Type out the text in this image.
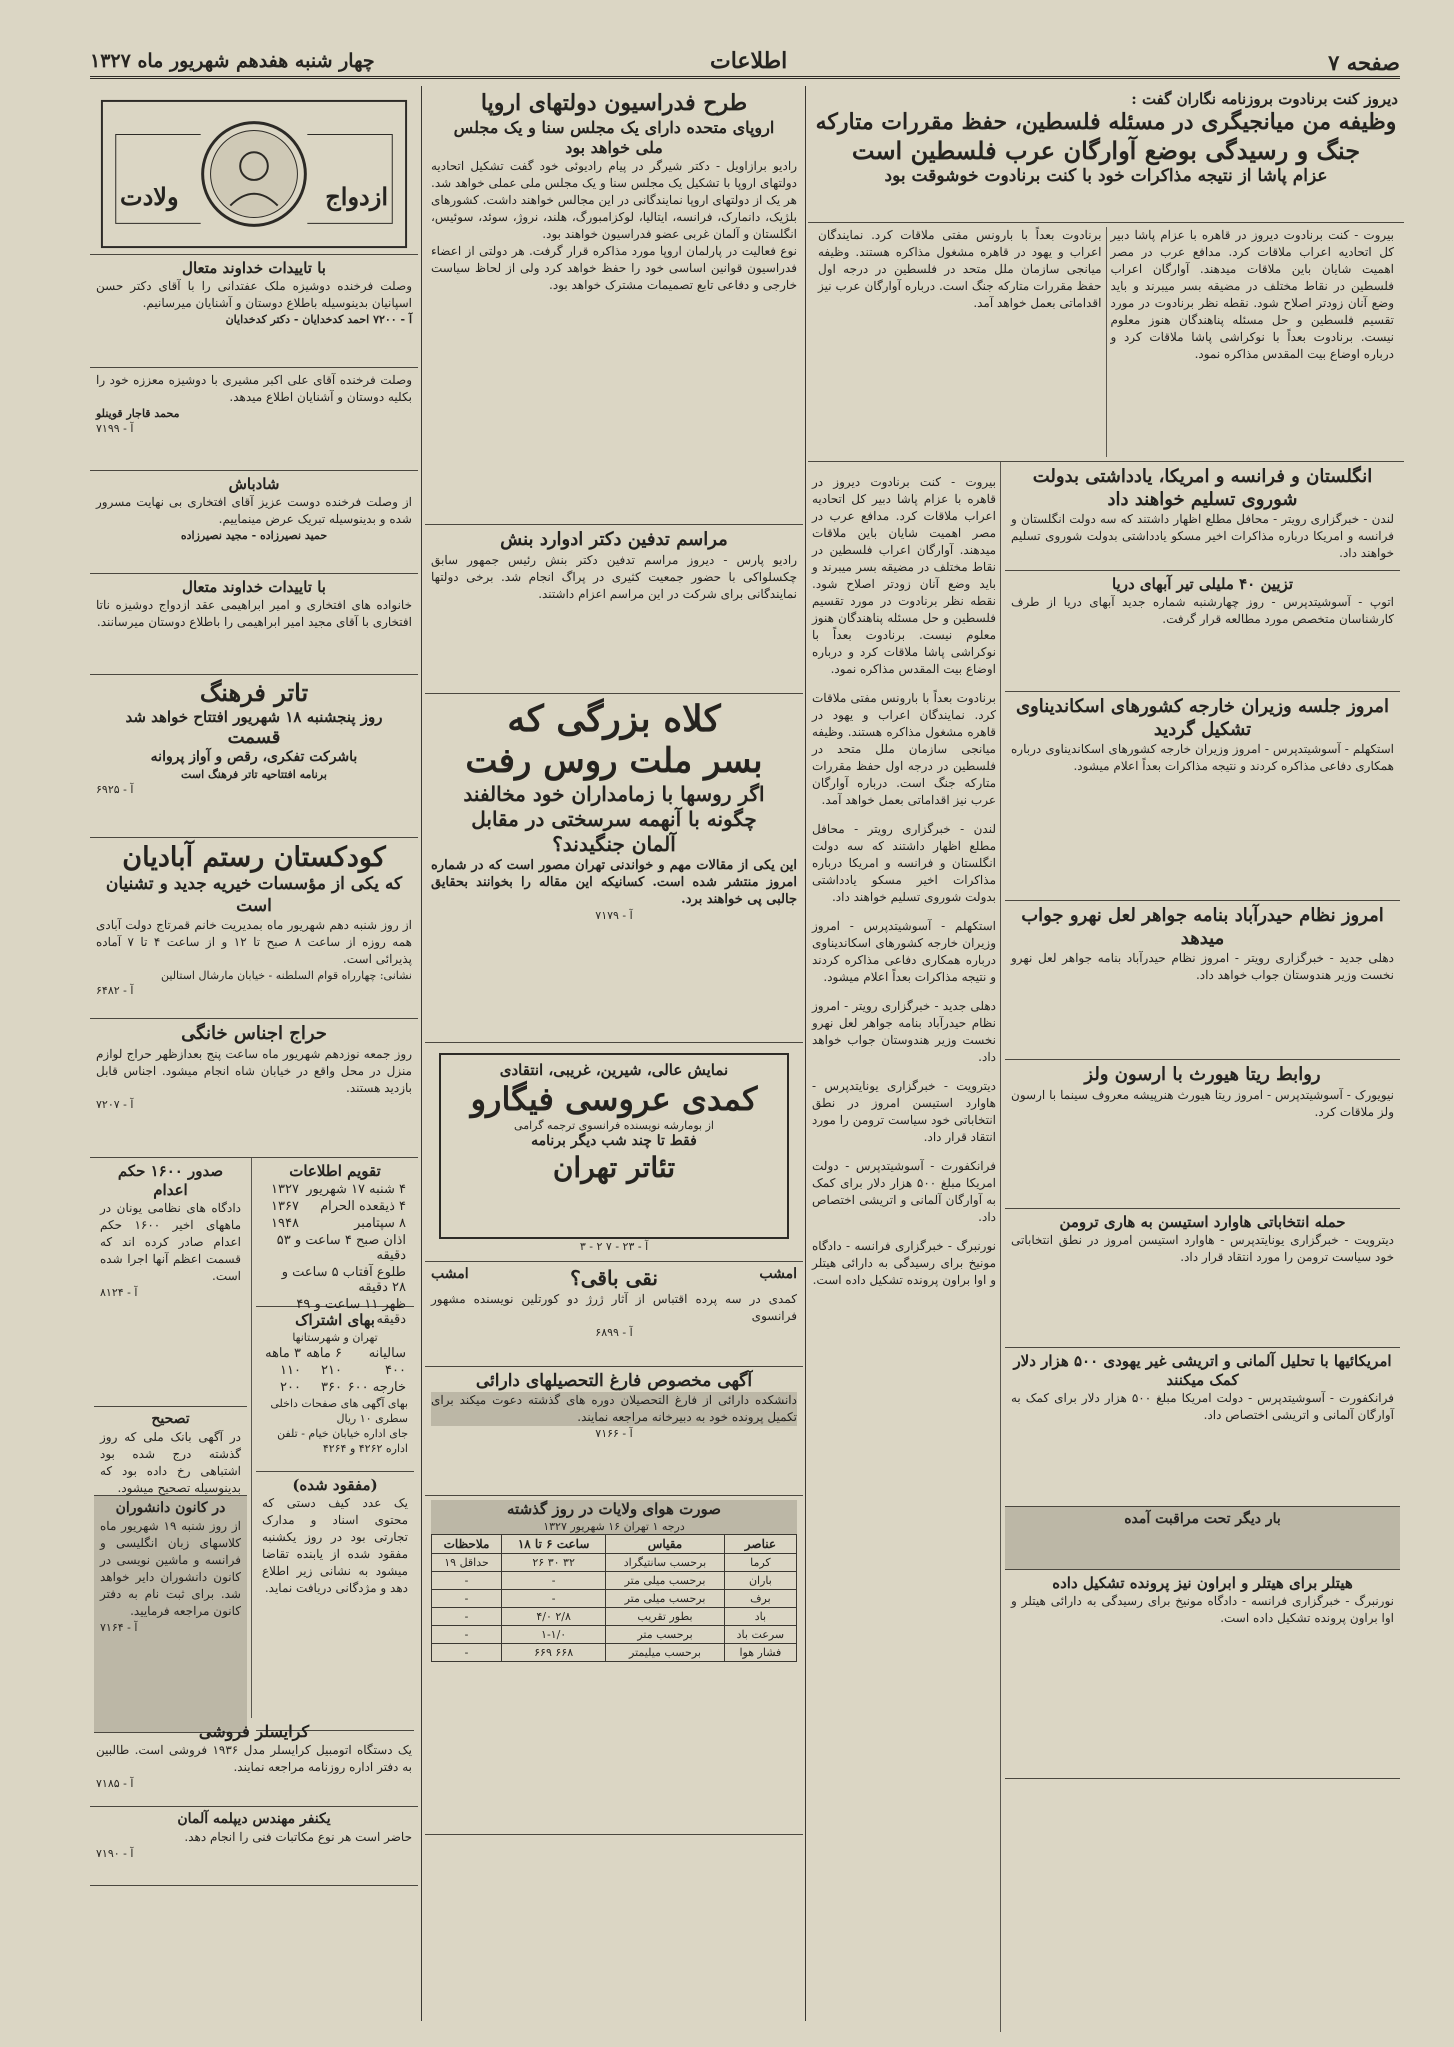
صفحه ۷
اطلاعات
چهار شنبه هفدهم شهریور ماه ۱۳۲۷

دیروز کنت برنادوت بروزنامه نگاران گفت :

وظیفه من میانجیگری در مسئله فلسطین، حفظ مقررات متارکه

جنگ و رسیدگی بوضع آوارگان عرب فلسطین است

عزام پاشا از نتیجه مذاکرات خود با کنت برنادوت خوشوقت بود

بیروت - کنت برنادوت دیروز در قاهره با عزام پاشا دبیر کل اتحادیه اعراب ملاقات کرد. مدافع عرب در مصر اهمیت شایان باین ملاقات میدهند. آوارگان اعراب فلسطین در نقاط مختلف در مضیقه بسر میبرند و باید وضع آنان زودتر اصلاح شود. نقطه نظر برنادوت در مورد تقسیم فلسطین و حل مسئله پناهندگان هنوز معلوم نیست. برنادوت بعداً با نوکراشی پاشا ملاقات کرد و درباره اوضاع بیت المقدس مذاکره نمود.
برنادوت بعداً با بارونس مفتی ملاقات کرد. نمایندگان اعراب و یهود در قاهره مشغول مذاکره هستند. وظیفه میانجی سازمان ملل متحد در فلسطین در درجه اول حفظ مقررات متارکه جنگ است. درباره آوارگان عرب نیز اقداماتی بعمل خواهد آمد.

انگلستان و فرانسه و امریکا، یادداشتی بدولت شوروی تسلیم خواهند داد

لندن - خبرگزاری رویتر - محافل مطلع اظهار داشتند که سه دولت انگلستان و فرانسه و امریکا درباره مذاکرات اخیر مسکو یادداشتی بدولت شوروی تسلیم خواهند داد.

تزیین ۴۰ ملیلی تیر آبهای دریا

اتوپ - آسوشیتدپرس - روز چهارشنبه شماره جدید آبهای دریا از طرف کارشناسان متخصص مورد مطالعه قرار گرفت.

امروز جلسه وزیران خارجه کشورهای اسکاندیناوی تشکیل گردید

استکهلم - آسوشیتدپرس - امروز وزیران خارجه کشورهای اسکاندیناوی درباره همکاری دفاعی مذاکره کردند و نتیجه مذاکرات بعداً اعلام میشود.

امروز نظام حیدرآباد بنامه جواهر لعل نهرو جواب میدهد

دهلی جدید - خبرگزاری رویتر - امروز نظام حیدرآباد بنامه جواهر لعل نهرو نخست وزیر هندوستان جواب خواهد داد.

روابط ریتا هیورث با ارسون ولز

نیویورک - آسوشیتدپرس - امروز ریتا هیورث هنرپیشه معروف سینما با ارسون ولز ملاقات کرد.

حمله انتخاباتی هاوارد استیسن به هاری ترومن

دیترویت - خبرگزاری یونایتدپرس - هاوارد استیسن امروز در نطق انتخاباتی خود سیاست ترومن را مورد انتقاد قرار داد.

امریکائیها با تحلیل آلمانی و اتریشی غیر یهودی ۵۰۰ هزار دلار کمک میکنند

فرانکفورت - آسوشیتدپرس - دولت امریکا مبلغ ۵۰۰ هزار دلار برای کمک به آوارگان آلمانی و اتریشی اختصاص داد.

بار دیگر تحت مراقبت آمده

هیتلر برای هیتلر و ابراون نیز پرونده تشکیل داده

نورنبرگ - خبرگزاری فرانسه - دادگاه مونیخ برای رسیدگی به دارائی هیتلر و اوا براون پرونده تشکیل داده است.

بیروت - کنت برنادوت دیروز در قاهره با عزام پاشا دبیر کل اتحادیه اعراب ملاقات کرد. مدافع عرب در مصر اهمیت شایان باین ملاقات میدهند. آوارگان اعراب فلسطین در نقاط مختلف در مضیقه بسر میبرند و باید وضع آنان زودتر اصلاح شود. نقطه نظر برنادوت در مورد تقسیم فلسطین و حل مسئله پناهندگان هنوز معلوم نیست. برنادوت بعداً با نوکراشی پاشا ملاقات کرد و درباره اوضاع بیت المقدس مذاکره نمود.

برنادوت بعداً با بارونس مفتی ملاقات کرد. نمایندگان اعراب و یهود در قاهره مشغول مذاکره هستند. وظیفه میانجی سازمان ملل متحد در فلسطین در درجه اول حفظ مقررات متارکه جنگ است. درباره آوارگان عرب نیز اقداماتی بعمل خواهد آمد.

لندن - خبرگزاری رویتر - محافل مطلع اظهار داشتند که سه دولت انگلستان و فرانسه و امریکا درباره مذاکرات اخیر مسکو یادداشتی بدولت شوروی تسلیم خواهند داد.

استکهلم - آسوشیتدپرس - امروز وزیران خارجه کشورهای اسکاندیناوی درباره همکاری دفاعی مذاکره کردند و نتیجه مذاکرات بعداً اعلام میشود.

دهلی جدید - خبرگزاری رویتر - امروز نظام حیدرآباد بنامه جواهر لعل نهرو نخست وزیر هندوستان جواب خواهد داد.

دیترویت - خبرگزاری یونایتدپرس - هاوارد استیسن امروز در نطق انتخاباتی خود سیاست ترومن را مورد انتقاد قرار داد.

فرانکفورت - آسوشیتدپرس - دولت امریکا مبلغ ۵۰۰ هزار دلار برای کمک به آوارگان آلمانی و اتریشی اختصاص داد.

نورنبرگ - خبرگزاری فرانسه - دادگاه مونیخ برای رسیدگی به دارائی هیتلر و اوا براون پرونده تشکیل داده است.

طرح فدراسیون دولتهای اروپا

اروپای متحده دارای یک مجلس سنا و یک مجلس

ملی خواهد بود

رادیو برازاویل - دکتر شیرگر در پیام رادیوئی خود گفت تشکیل اتحادیه دولتهای اروپا با تشکیل یک مجلس سنا و یک مجلس ملی عملی خواهد شد. هر یک از دولتهای اروپا نمایندگانی در این مجالس خواهند داشت. کشورهای بلژیک، دانمارک، فرانسه، ایتالیا، لوکزامبورگ، هلند، نروژ، سوئد، سوئیس، انگلستان و آلمان غربی عضو فدراسیون خواهند بود.

نوع فعالیت در پارلمان اروپا مورد مذاکره قرار گرفت. هر دولتی از اعضاء فدراسیون قوانین اساسی خود را حفظ خواهد کرد ولی از لحاظ سیاست خارجی و دفاعی تابع تصمیمات مشترک خواهد بود.

مراسم تدفین دکتر ادوارد بنش

رادیو پارس - دیروز مراسم تدفین دکتر بنش رئیس جمهور سابق چکسلواکی با حضور جمعیت کثیری در پراگ انجام شد. برخی دولتها نمایندگانی برای شرکت در این مراسم اعزام داشتند.

کلاه بزرگی که

بسر ملت روس رفت

اگر روسها با زمامداران خود مخالفند

چگونه با آنهمه سرسختی در مقابل

آلمان جنگیدند؟

این یکی از مقالات مهم و خواندنی تهران مصور است که در شماره امروز منتشر شده است. کسانیکه این مقاله را بخوانند بحقایق جالبی پی خواهند برد.

آ - ۷۱۷۹

نمایش عالی، شیرین، غریبی، انتقادی

کمدی عروسی فیگارو

از بومارشه نویسنده فرانسوی ترجمه گرامی

فقط تا چند شب دیگر برنامه

تئاتر تهران

آ - ۲۳ - ۷ ۲ - ۳

امشب
نقی باقی؟
امشب

کمدی در سه پرده اقتباس از آثار ژرژ دو کورتلین نویسنده مشهور فرانسوی

آ - ۶۸۹۹

آگهی مخصوص فارغ التحصیلهای دارائی

دانشکده دارائی از فارغ التحصیلان دوره های گذشته دعوت میکند برای تکمیل پرونده خود به دبیرخانه مراجعه نمایند.

آ - ۷۱۶۶

صورت هوای ولایات در روز گذشته

درجه ۱ تهران ۱۶ شهریور ۱۳۲۷

عناصر	مقیاس	ساعت ۶ تا ۱۸	ملاحظات
کرما	برحسب سانتیگراد	۳۲ ۳۰ ۲۶	حداقل ۱۹
باران	برحسب میلی متر	-	-
برف	برحسب میلی متر	-	-
باد	بطور تقریب	۲/۸ ۴/۰	-
سرعت باد	برحسب متر	۱-۱/۰	-
فشار هوا	برحسب میلیمتر	۶۶۸ ۶۶۹	-
ازدواج
ولادت

با تاییدات خداوند متعال

وصلت فرخنده دوشیزه ملک عفتدانی را با آقای دکتر حسن اسپانیان بدینوسیله باطلاع دوستان و آشنایان میرسانیم.

آ - ۷۲۰۰ احمد کدخدایان - دکتر کدخدایان

وصلت فرخنده آقای علی اکبر مشیری با دوشیزه معززه خود را بکلیه دوستان و آشنایان اطلاع میدهد.

محمد قاجار قوینلو

آ - ۷۱۹۹

شادباش

از وصلت فرخنده دوست عزیز آقای افتخاری بی نهایت مسرور شده و بدینوسیله تبریک عرض مینماییم.

حمید نصیرزاده - مجید نصیرزاده

با تاییدات خداوند متعال

خانواده های افتخاری و امیر ابراهیمی عقد ازدواج دوشیزه ناتا افتخاری با آقای مجید امیر ابراهیمی را باطلاع دوستان میرسانند.

تاتر فرهنگ

روز پنجشنبه ۱۸ شهریور افتتاح خواهد شد

قسمت

باشرکت تفکری، رقص و آواز پروانه

برنامه افتتاحیه تاتر فرهنگ است

آ - ۶۹۲۵

کودکستان رستم آبادیان

که یکی از مؤسسات خیریه جدید و تشنیان است

از روز شنبه دهم شهریور ماه بمدیریت خانم قمرتاج دولت آبادی همه روزه از ساعت ۸ صبح تا ۱۲ و از ساعت ۴ تا ۷ آماده پذیرائی است.

نشانی: چهارراه قوام السلطنه - خیابان مارشال استالین

آ - ۶۴۸۲

حراج اجناس خانگی

روز جمعه نوزدهم شهریور ماه ساعت پنج بعدازظهر حراج لوازم منزل در محل واقع در خیابان شاه انجام میشود. اجناس قابل بازدید هستند.

آ - ۷۲۰۷

تقویم اطلاعات

۴ شنبه ۱۷ شهریور	۱۳۲۷
۴ ذیقعده الحرام	۱۳۶۷
۸ سپتامبر	۱۹۴۸
اذان صبح ۴ ساعت و ۵۳ دقیقه	
طلوع آفتاب ۵ ساعت و ۲۸ دقیقه	
ظهر ۱۱ ساعت و ۴۹ دقیقه	

بهای اشتراک

تهران و شهرستانها

سالیانه	۶ ماهه	۳ ماهه
۴۰۰	۲۱۰	۱۱۰
خارجه ۶۰۰	۳۶۰	۲۰۰

بهای آگهی های صفحات داخلی سطری ۱۰ ریال

جای اداره خیابان خیام - تلفن اداره ۴۲۶۲ و ۴۲۶۴

(مفقود شده)

یک عدد کیف دستی که محتوی اسناد و مدارک تجارتی بود در روز یکشنبه مفقود شده از یابنده تقاضا میشود به نشانی زیر اطلاع دهد و مژدگانی دریافت نماید.

صدور ۱۶۰۰ حکم اعدام

دادگاه های نظامی یونان در ماههای اخیر ۱۶۰۰ حکم اعدام صادر کرده اند که قسمت اعظم آنها اجرا شده است.

آ - ۸۱۲۴

تصحیح

در آگهی بانک ملی که روز گذشته درج شده بود اشتباهی رخ داده بود که بدینوسیله تصحیح میشود.

در کانون دانشوران

از روز شنبه ۱۹ شهریور ماه کلاسهای زبان انگلیسی و فرانسه و ماشین نویسی در کانون دانشوران دایر خواهد شد. برای ثبت نام به دفتر کانون مراجعه فرمایید.

آ - ۷۱۶۴

کرایسلر فروشی

یک دستگاه اتومبیل کرایسلر مدل ۱۹۳۶ فروشی است. طالبین به دفتر اداره روزنامه مراجعه نمایند.

آ - ۷۱۸۵

یکنفر مهندس دیپلمه آلمان

حاضر است هر نوع مکاتبات فنی را انجام دهد.

آ - ۷۱۹۰
